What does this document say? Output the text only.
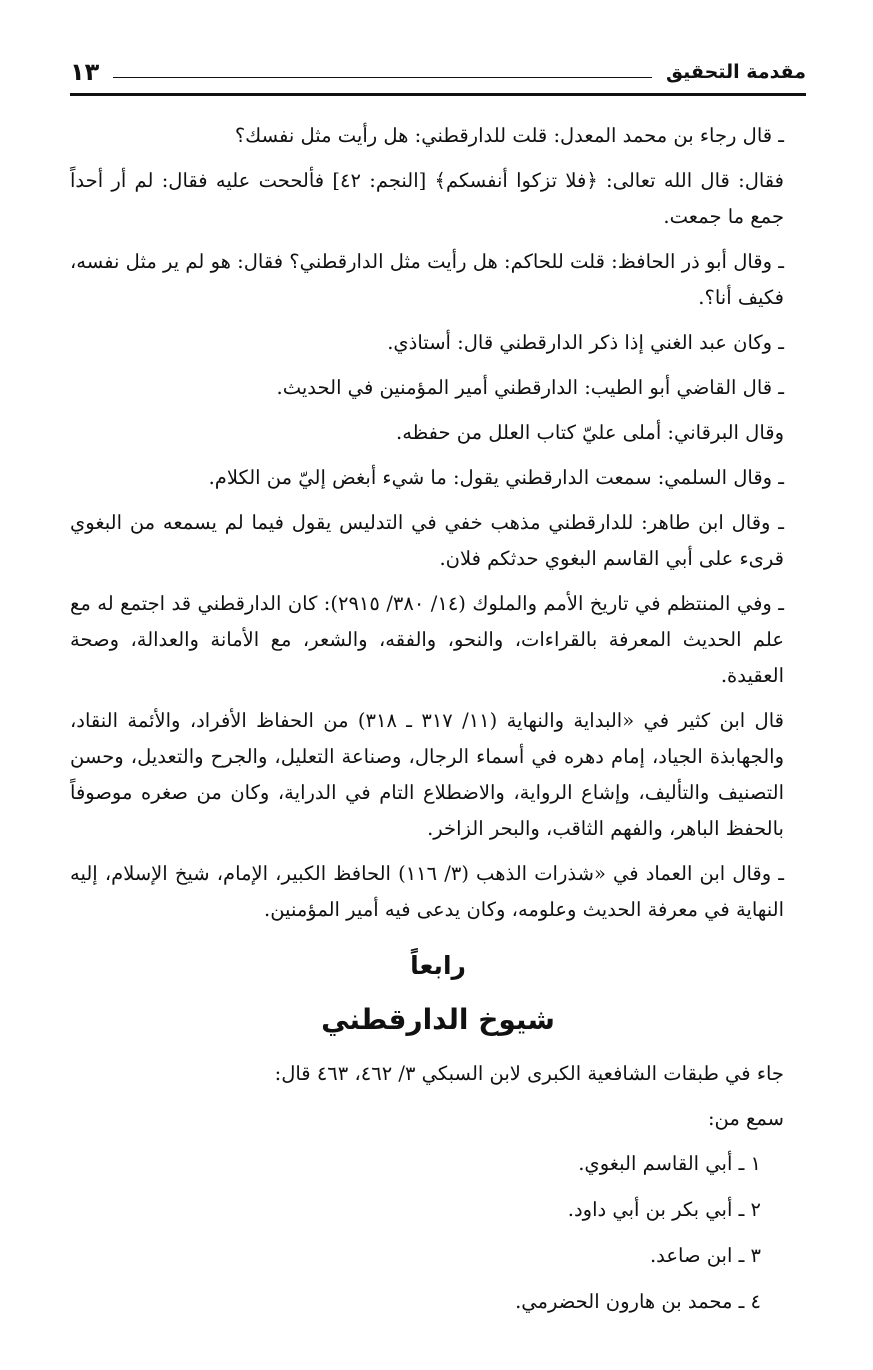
مقدمة التحقيق
١٣

ـ قال رجاء بن محمد المعدل: قلت للدارقطني: هل رأيت مثل نفسك؟

فقال: قال الله تعالى: ﴿فلا تزكوا أنفسكم﴾ [النجم: ٤٢] فألححت عليه فقال: لم أر أحداً جمع ما جمعت.

ـ وقال أبو ذر الحافظ: قلت للحاكم: هل رأيت مثل الدارقطني؟ فقال: هو لم ير مثل نفسه، فكيف أنا؟.

ـ وكان عبد الغني إذا ذكر الدارقطني قال: أستاذي.

ـ قال القاضي أبو الطيب: الدارقطني أمير المؤمنين في الحديث.

وقال البرقاني: أملى عليّ كتاب العلل من حفظه.

ـ وقال السلمي: سمعت الدارقطني يقول: ما شيء أبغض إليّ من الكلام.

ـ وقال ابن طاهر: للدارقطني مذهب خفي في التدليس يقول فيما لم يسمعه من البغوي قرىء على أبي القاسم البغوي حدثكم فلان.

ـ وفي المنتظم في تاريخ الأمم والملوك (١٤/ ٣٨٠/ ٢٩١٥): كان الدارقطني قد اجتمع له مع علم الحديث المعرفة بالقراءات، والنحو، والفقه، والشعر، مع الأمانة والعدالة، وصحة العقيدة.

قال ابن كثير في «البداية والنهاية (١١/ ٣١٧ ـ ٣١٨) من الحفاظ الأفراد، والأئمة النقاد، والجهابذة الجياد، إمام دهره في أسماء الرجال، وصناعة التعليل، والجرح والتعديل، وحسن التصنيف والتأليف، وإشاع الرواية، والاضطلاع التام في الدراية، وكان من صغره موصوفاً بالحفظ الباهر، والفهم الثاقب، والبحر الزاخر.

ـ وقال ابن العماد في «شذرات الذهب (٣/ ١١٦) الحافظ الكبير، الإمام، شيخ الإسلام، إليه النهاية في معرفة الحديث وعلومه، وكان يدعى فيه أمير المؤمنين.

رابعاً
شيوخ الدارقطني

جاء في طبقات الشافعية الكبرى لابن السبكي ٣/ ٤٦٢، ٤٦٣ قال:

سمع من:

١ ـ أبي القاسم البغوي.

٢ ـ أبي بكر بن أبي داود.

٣ ـ ابن صاعد.

٤ ـ محمد بن هارون الحضرمي.
